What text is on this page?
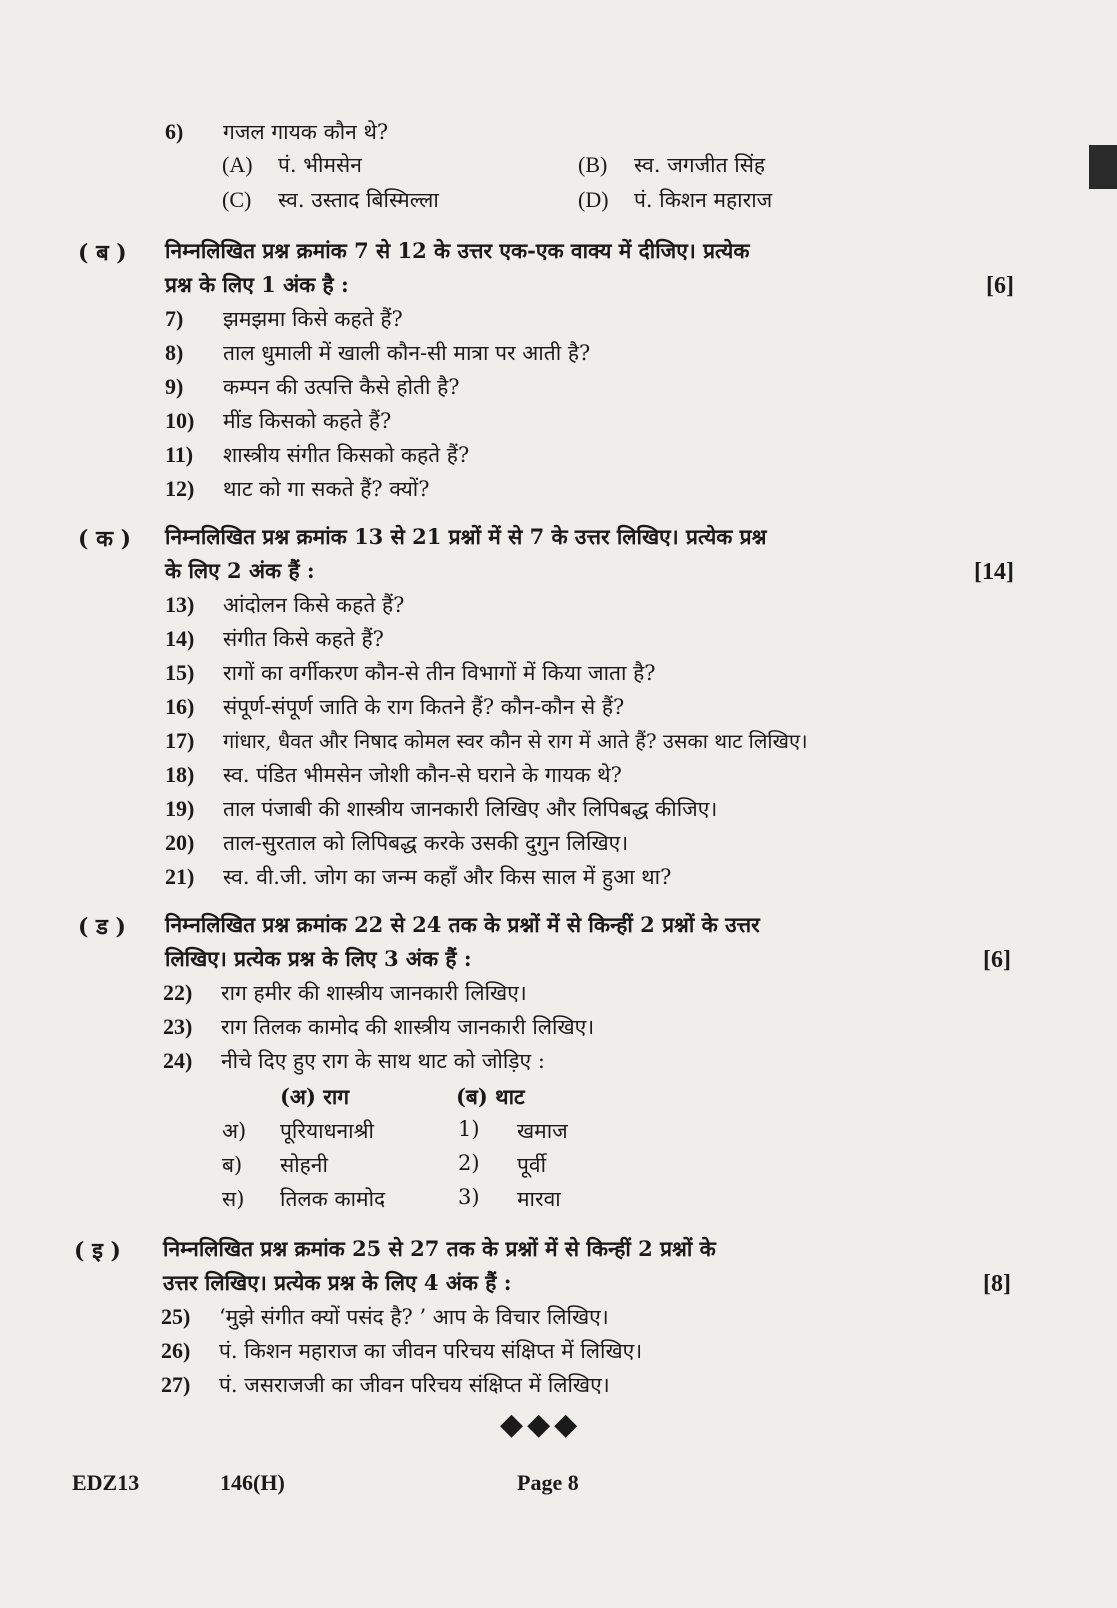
6) गजल गायक कौन थे?
(A) पं. भीमसेन	(B) स्व. जगजीत सिंह
(C) स्व. उस्ताद बिस्मिल्ला	(D) पं. किशन महाराज
( ब ) निम्नलिखित प्रश्न क्रमांक 7 से 12 के उत्तर एक-एक वाक्य में दीजिए। प्रत्येक
प्रश्न के लिए 1 अंक है :	[6]
7) झमझमा किसे कहते हैं?
8) ताल धुमाली में खाली कौन-सी मात्रा पर आती है?
9) कम्पन की उत्पत्ति कैसे होती है?
10) मींड किसको कहते हैं?
11) शास्त्रीय संगीत किसको कहते हैं?
12) थाट को गा सकते हैं? क्यों?
( क ) निम्नलिखित प्रश्न क्रमांक 13 से 21 प्रश्नों में से 7 के उत्तर लिखिए। प्रत्येक प्रश्न
के लिए 2 अंक हैं :	[14]
13) आंदोलन किसे कहते हैं?
14) संगीत किसे कहते हैं?
15) रागों का वर्गीकरण कौन-से तीन विभागों में किया जाता है?
16) संपूर्ण-संपूर्ण जाति के राग कितने हैं? कौन-कौन से हैं?
17) गांधार, धैवत और निषाद कोमल स्वर कौन से राग में आते हैं? उसका थाट लिखिए।
18) स्व. पंडित भीमसेन जोशी कौन-से घराने के गायक थे?
19) ताल पंजाबी की शास्त्रीय जानकारी लिखिए और लिपिबद्ध कीजिए।
20) ताल-सुरताल को लिपिबद्ध करके उसकी दुगुन लिखिए।
21) स्व. वी.जी. जोग का जन्म कहाँ और किस साल में हुआ था?
( ड ) निम्नलिखित प्रश्न क्रमांक 22 से 24 तक के प्रश्नों में से किन्हीं 2 प्रश्नों के उत्तर
लिखिए। प्रत्येक प्रश्न के लिए 3 अंक हैं :	[6]
22) राग हमीर की शास्त्रीय जानकारी लिखिए।
23) राग तिलक कामोद की शास्त्रीय जानकारी लिखिए।
24) नीचे दिए हुए राग के साथ थाट को जोड़िए :
(अ) राग	(ब) थाट
अ) पूरियाधनाश्री	1) खमाज
ब) सोहनी	2) पूर्वी
स) तिलक कामोद	3) मारवा
( इ ) निम्नलिखित प्रश्न क्रमांक 25 से 27 तक के प्रश्नों में से किन्हीं 2 प्रश्नों के
उत्तर लिखिए। प्रत्येक प्रश्न के लिए 4 अंक हैं :	[8]
25) ‘मुझे संगीत क्यों पसंद है? ’ आप के विचार लिखिए।
26) पं. किशन महाराज का जीवन परिचय संक्षिप्त में लिखिए।
27) पं. जसराजजी का जीवन परिचय संक्षिप्त में लिखिए।
◆◆◆
EDZ13	146(H)	Page 8
